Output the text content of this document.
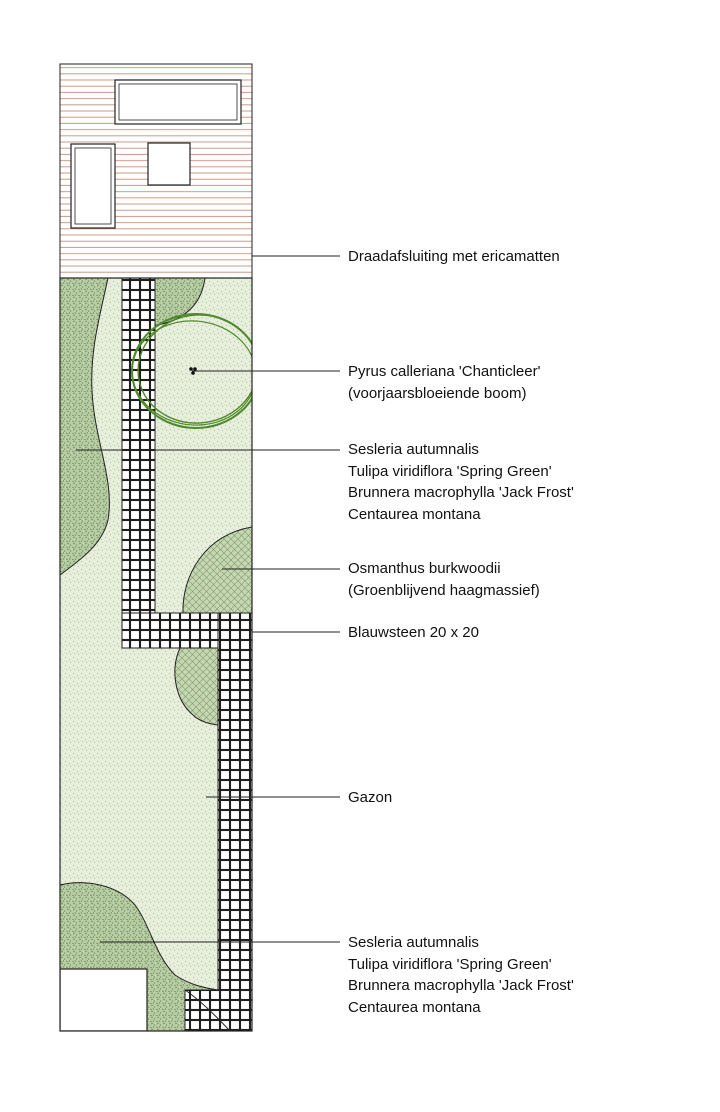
Draadafsluiting met ericamatten
Pyrus calleriana 'Chanticleer'
(voorjaarsbloeiende boom)
Sesleria autumnalis
Tulipa viridiflora 'Spring Green'
Brunnera macrophylla 'Jack Frost'
Centaurea montana
Osmanthus burkwoodii
(Groenblijvend haagmassief)
Blauwsteen 20 x 20
Gazon
Sesleria autumnalis
Tulipa viridiflora 'Spring Green'
Brunnera macrophylla 'Jack Frost'
Centaurea montana
